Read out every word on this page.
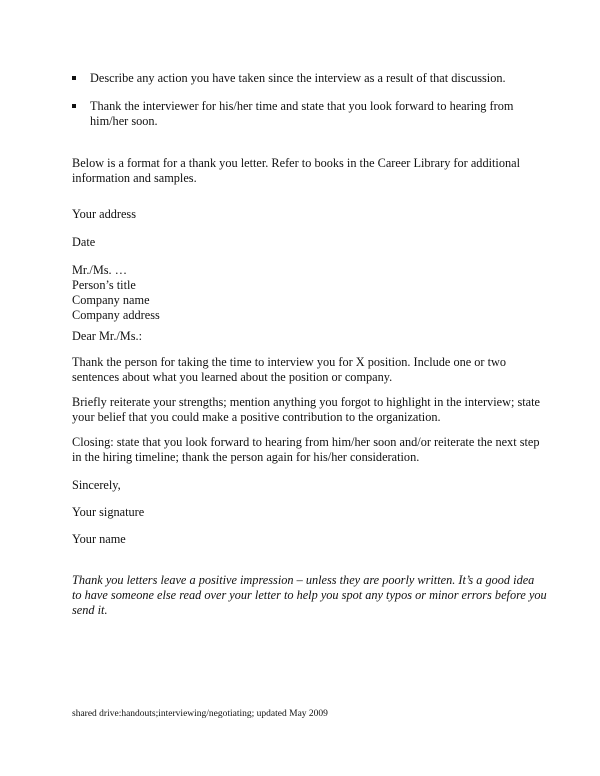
Describe any action you have taken since the interview as a result of that discussion.
Thank the interviewer for his/her time and state that you look forward to hearing from
him/her soon.

Below is a format for a thank you letter. Refer to books in the Career Library for additional
information and samples.

Your address

Date

Mr./Ms. …
Person’s title
Company name
Company address

Dear Mr./Ms.:

Thank the person for taking the time to interview you for X position. Include one or two
sentences about what you learned about the position or company.

Briefly reiterate your strengths; mention anything you forgot to highlight in the interview; state
your belief that you could make a positive contribution to the organization.

Closing: state that you look forward to hearing from him/her soon and/or reiterate the next step
in the hiring timeline; thank the person again for his/her consideration.

Sincerely,

Your signature

Your name

Thank you letters leave a positive impression – unless they are poorly written. It’s a good idea
to have someone else read over your letter to help you spot any typos or minor errors before you
send it.

shared drive:handouts;interviewing/negotiating; updated May 2009
